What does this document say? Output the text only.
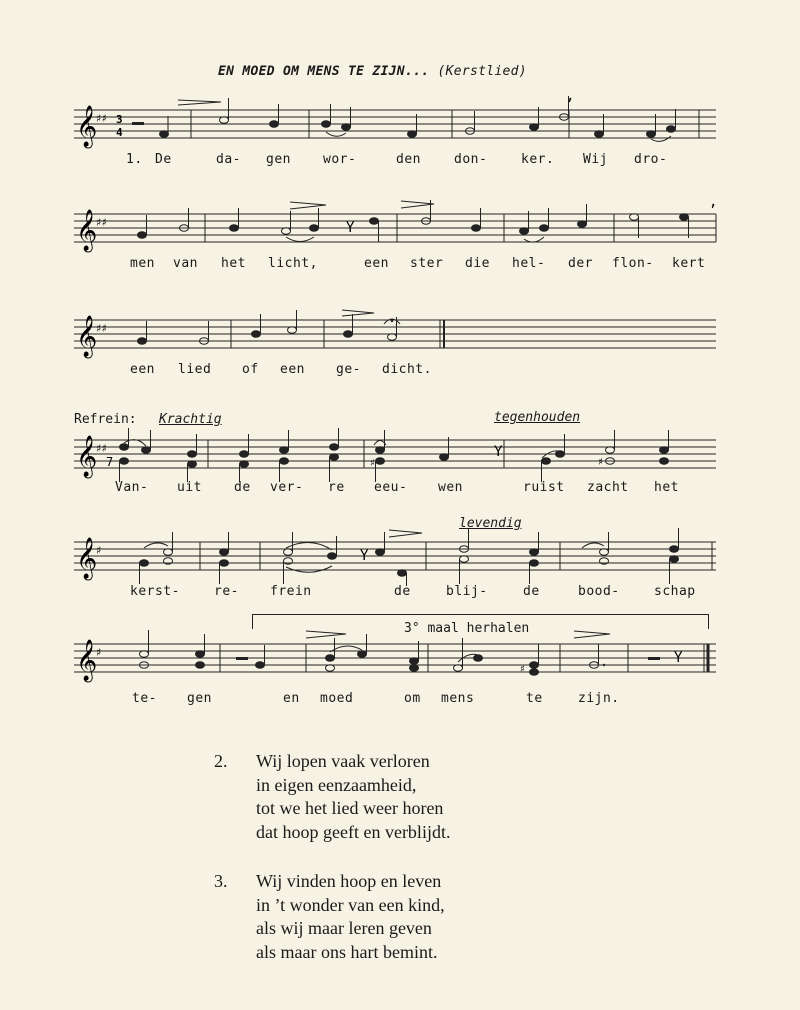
EN MOED OM MENS TE ZIJN... (Kerstlied)
𝄞
♯♯ 3
4
,
1. De	da- gen wor-	den	don-	ker. Wij dro-
𝄞
♯♯	Y
,
men van het licht,	een ster die hel- der flon- kert
𝄞
♯♯
een lied of een ge- dicht.
Refrein: Krachtig	tegenhouden
𝄞
♯♯
♯	♯
7
Y
Van- uit de ver- re eeu- wen	ruist zacht het
levendig
𝄞
♯	Y
kerst-	re- frein	de	blij-	de	bood-	schap
3° maal herhalen
𝄞
♯
♯
Y
te- gen	en moed	om mens	te	zijn.
2.	Wij lopen vaak verloren
in eigen eenzaamheid,
tot we het lied weer horen
dat hoop geeft en verblijdt.
3.	Wij vinden hoop en leven
in ’t wonder van een kind,
als wij maar leren geven
als maar ons hart bemint.
